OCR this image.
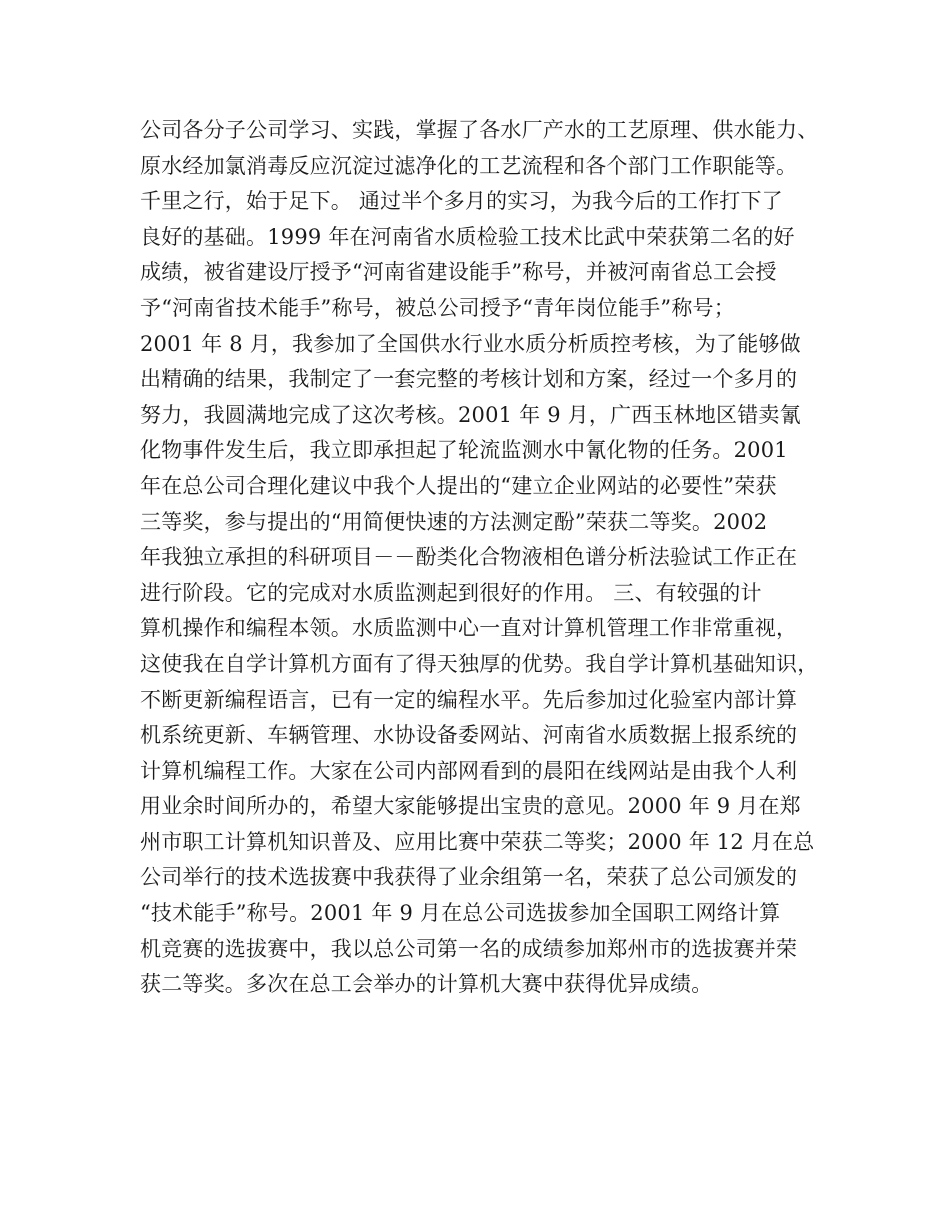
公司各分子公司学习、实践，掌握了各水厂产水的工艺原理、供水能力、
原水经加氯消毒反应沉淀过滤净化的工艺流程和各个部门工作职能等。
千里之行，始于足下。 通过半个多月的实习，为我今后的工作打下了
良好的基础。1999 年在河南省水质检验工技术比武中荣获第二名的好
成绩，被省建设厅授予“河南省建设能手”称号，并被河南省总工会授
予“河南省技术能手”称号，被总公司授予“青年岗位能手”称号；
2001 年 8 月，我参加了全国供水行业水质分析质控考核，为了能够做
出精确的结果，我制定了一套完整的考核计划和方案，经过一个多月的
努力，我圆满地完成了这次考核。2001 年 9 月，广西玉林地区错卖氰
化物事件发生后，我立即承担起了轮流监测水中氰化物的任务。2001
年在总公司合理化建议中我个人提出的“建立企业网站的必要性”荣获
三等奖，参与提出的“用简便快速的方法测定酚”荣获二等奖。2002
年我独立承担的科研项目－－酚类化合物液相色谱分析法验试工作正在
进行阶段。它的完成对水质监测起到很好的作用。 三、有较强的计
算机操作和编程本领。水质监测中心一直对计算机管理工作非常重视，
这使我在自学计算机方面有了得天独厚的优势。我自学计算机基础知识，
不断更新编程语言，已有一定的编程水平。先后参加过化验室内部计算
机系统更新、车辆管理、水协设备委网站、河南省水质数据上报系统的
计算机编程工作。大家在公司内部网看到的晨阳在线网站是由我个人利
用业余时间所办的，希望大家能够提出宝贵的意见。2000 年 9 月在郑
州市职工计算机知识普及、应用比赛中荣获二等奖；2000 年 12 月在总
公司举行的技术选拔赛中我获得了业余组第一名，荣获了总公司颁发的
“技术能手”称号。2001 年 9 月在总公司选拔参加全国职工网络计算
机竞赛的选拔赛中，我以总公司第一名的成绩参加郑州市的选拔赛并荣
获二等奖。多次在总工会举办的计算机大赛中获得优异成绩。
